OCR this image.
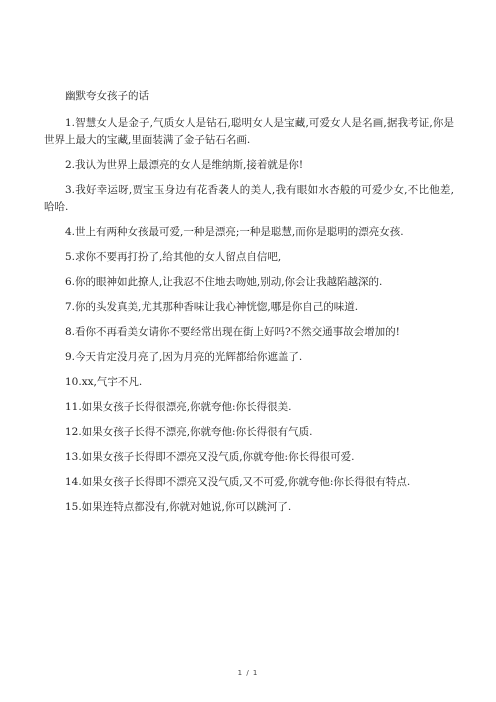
幽默夸女孩子的话

1.智慧女人是金子,气质女人是钻石,聪明女人是宝藏,可爱女人是名画,据我考证,你是世界上最大的宝藏,里面装满了金子钻石名画.

2.我认为世界上最漂亮的女人是维纳斯,接着就是你!

3.我好幸运呀,贾宝玉身边有花香袭人的美人,我有眼如水杏般的可爱少女,不比他差,哈哈.

4.世上有两种女孩最可爱,一种是漂亮;一种是聪慧,而你是聪明的漂亮女孩.

5.求你不要再打扮了,给其他的女人留点自信吧,

6.你的眼神如此撩人,让我忍不住地去吻她,别动,你会让我越陷越深的.

7.你的头发真美,尤其那种香味让我心神恍惚,哪是你自己的味道.

8.看你不再看美女请你不要经常出现在街上好吗?不然交通事故会增加的!

9.今天肯定没月亮了,因为月亮的光辉都给你遮盖了.

10.xx,气宇不凡.

11.如果女孩子长得很漂亮,你就夸他:你长得很美.

12.如果女孩子长得不漂亮,你就夸他:你长得很有气质.

13.如果女孩子长得即不漂亮又没气质,你就夸他:你长得很可爱.

14.如果女孩子长得即不漂亮又没气质,又不可爱,你就夸他:你长得很有特点.

15.如果连特点都没有,你就对她说,你可以跳河了.

1 / 1
